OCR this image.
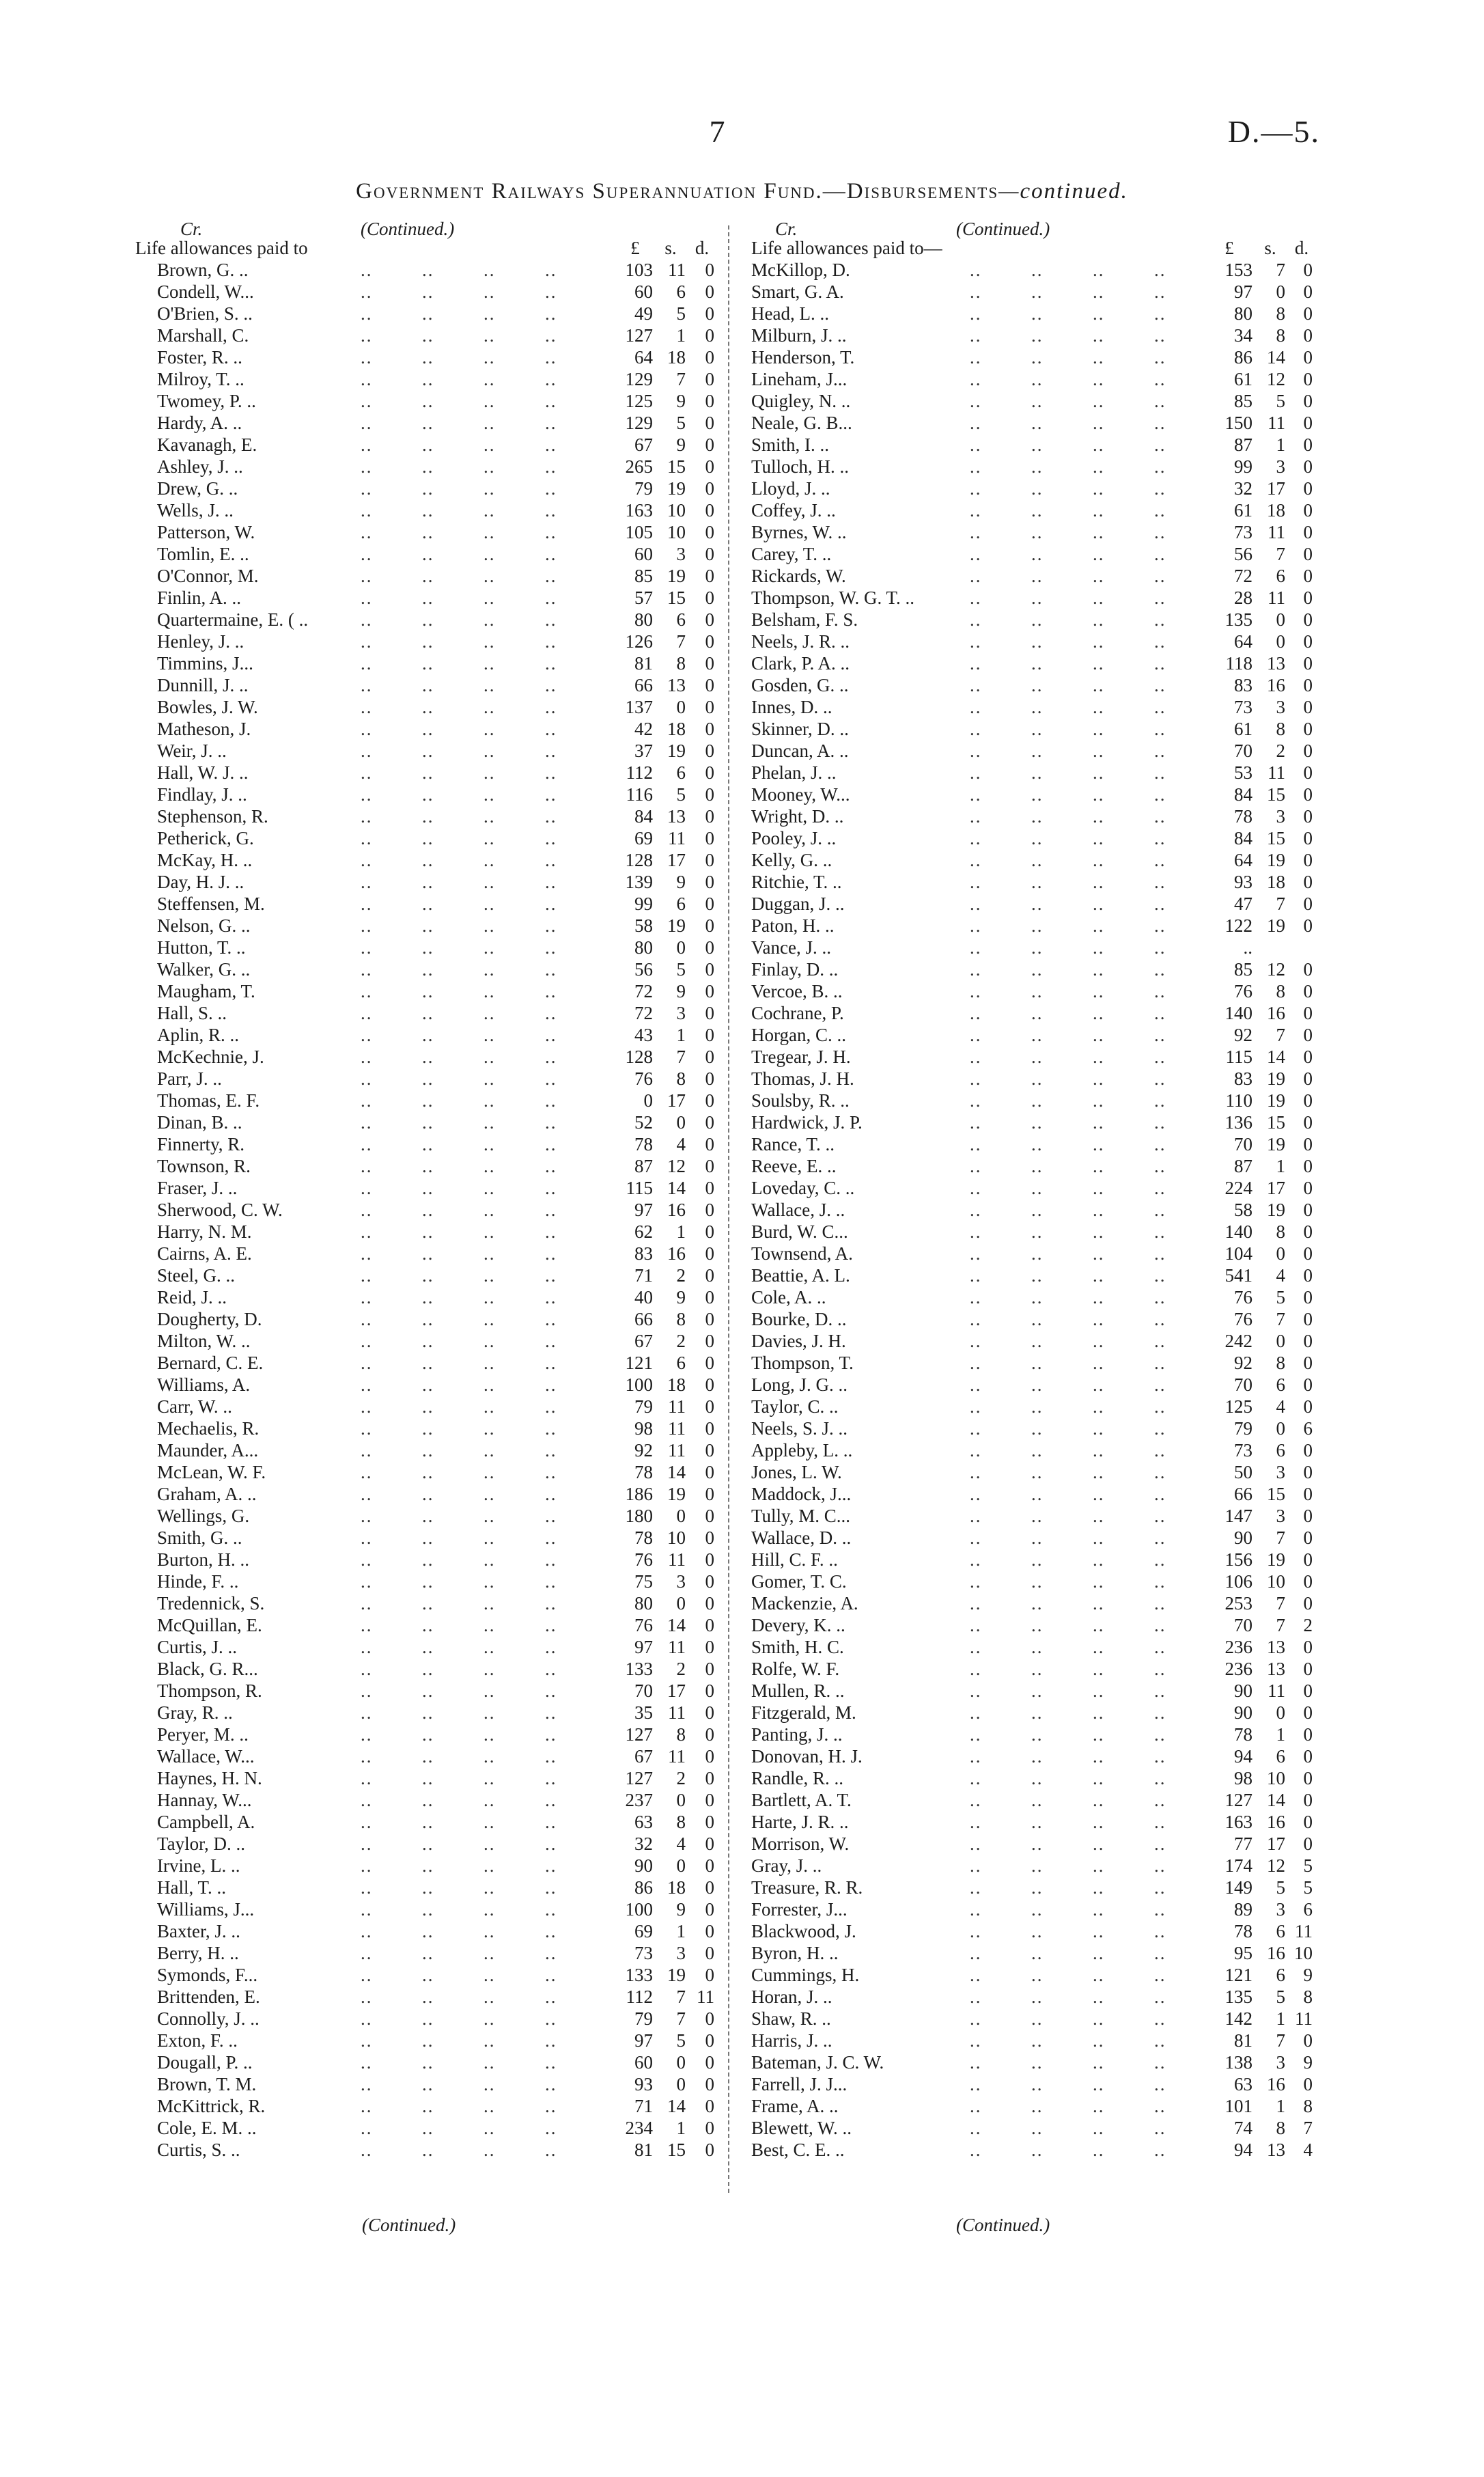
7	D.—5.
Government Railways Superannuation Fund.—Disbursements—continued.
Cr.	(Continued.)
Life allowances paid to	£	s.	d.
Brown, G. ..	..	..	..	..	103 11	0
Condell, W...	..	..	..	..	60	6	0
O'Brien, S. ..	..	..	..	..	49	5	0
Marshall, C.	..	..	..	..	127	1	0
Foster, R. ..	..	..	..	..	64 18	0
Milroy, T. ..	..	..	..	..	129	7	0
Twomey, P. ..	..	..	..	..	125	9	0
Hardy, A. ..	..	..	..	..	129	5	0
Kavanagh, E.	..	..	..	..	67	9	0
Ashley, J. ..	..	..	..	..	265 15	0
Drew, G. ..	..	..	..	..	79 19	0
Wells, J. ..	..	..	..	..	163 10	0
Patterson, W.	..	..	..	..	105 10	0
Tomlin, E. ..	..	..	..	..	60	3	0
O'Connor, M.	..	..	..	..	85 19	0
Finlin, A. ..	..	..	..	..	57 15	0
Quartermaine, E. ( ..	..	..	..	..	80	6	0
Henley, J. ..	..	..	..	..	126	7	0
Timmins, J...	..	..	..	..	81	8	0
Dunnill, J. ..	..	..	..	..	66 13	0
Bowles, J. W.	..	..	..	..	137	0	0
Matheson, J.	..	..	..	..	42 18	0
Weir, J. ..	..	..	..	..	37 19	0
Hall, W. J. ..	..	..	..	..	112	6	0
Findlay, J. ..	..	..	..	..	116	5	0
Stephenson, R.	..	..	..	..	84 13	0
Petherick, G.	..	..	..	..	69 11	0
McKay, H. ..	..	..	..	..	128 17	0
Day, H. J. ..	..	..	..	..	139	9	0
Steffensen, M.	..	..	..	..	99	6	0
Nelson, G. ..	..	..	..	..	58 19	0
Hutton, T. ..	..	..	..	..	80	0	0
Walker, G. ..	..	..	..	..	56	5	0
Maugham, T.	..	..	..	..	72	9	0
Hall, S. ..	..	..	..	..	72	3	0
Aplin, R. ..	..	..	..	..	43	1	0
McKechnie, J.	..	..	..	..	128	7	0
Parr, J. ..	..	..	..	..	76	8	0
Thomas, E. F.	..	..	..	..	0 17	0
Dinan, B. ..	..	..	..	..	52	0	0
Finnerty, R.	..	..	..	..	78	4	0
Townson, R.	..	..	..	..	87 12	0
Fraser, J. ..	..	..	..	..	115 14	0
Sherwood, C. W.	..	..	..	..	97 16	0
Harry, N. M.	..	..	..	..	62	1	0
Cairns, A. E.	..	..	..	..	83 16	0
Steel, G. ..	..	..	..	..	71	2	0
Reid, J. ..	..	..	..	..	40	9	0
Dougherty, D.	..	..	..	..	66	8	0
Milton, W. ..	..	..	..	..	67	2	0
Bernard, C. E.	..	..	..	..	121	6	0
Williams, A.	..	..	..	..	100 18	0
Carr, W. ..	..	..	..	..	79 11	0
Mechaelis, R.	..	..	..	..	98 11	0
Maunder, A...	..	..	..	..	92 11	0
McLean, W. F.	..	..	..	..	78 14	0
Graham, A. ..	..	..	..	..	186 19	0
Wellings, G.	..	..	..	..	180	0	0
Smith, G. ..	..	..	..	..	78 10	0
Burton, H. ..	..	..	..	..	76 11	0
Hinde, F. ..	..	..	..	..	75	3	0
Tredennick, S.	..	..	..	..	80	0	0
McQuillan, E.	..	..	..	..	76 14	0
Curtis, J. ..	..	..	..	..	97 11	0
Black, G. R...	..	..	..	..	133	2	0
Thompson, R.	..	..	..	..	70 17	0
Gray, R. ..	..	..	..	..	35 11	0
Peryer, M. ..	..	..	..	..	127	8	0
Wallace, W...	..	..	..	..	67 11	0
Haynes, H. N.	..	..	..	..	127	2	0
Hannay, W...	..	..	..	..	237	0	0
Campbell, A.	..	..	..	..	63	8	0
Taylor, D. ..	..	..	..	..	32	4	0
Irvine, L. ..	..	..	..	..	90	0	0
Hall, T. ..	..	..	..	..	86 18	0
Williams, J...	..	..	..	..	100	9	0
Baxter, J. ..	..	..	..	..	69	1	0
Berry, H. ..	..	..	..	..	73	3	0
Symonds, F...	..	..	..	..	133 19	0
Brittenden, E.	..	..	..	..	112	7 11
Connolly, J. ..	..	..	..	..	79	7	0
Exton, F. ..	..	..	..	..	97	5	0
Dougall, P. ..	..	..	..	..	60	0	0
Brown, T. M.	..	..	..	..	93	0	0
McKittrick, R.	..	..	..	..	71 14	0
Cole, E. M. ..	..	..	..	..	234	1	0
Curtis, S. ..	..	..	..	..	81 15	0
Cr.	(Continued.)
Life allowances paid to—	£	s.	d.
McKillop, D.	..	..	..	..	153	7 0
Smart, G. A.	..	..	..	..	97	0 0
Head, L. ..	..	..	..	..	80	8 0
Milburn, J. ..	..	..	..	..	34	8 0
Henderson, T.	..	..	..	..	86 14 0
Lineham, J...	..	..	..	..	61 12 0
Quigley, N. ..	..	..	..	..	85	5 0
Neale, G. B...	..	..	..	..	150 11 0
Smith, I. ..	..	..	..	..	87	1 0
Tulloch, H. ..	..	..	..	..	99	3 0
Lloyd, J. ..	..	..	..	..	32 17 0
Coffey, J. ..	..	..	..	..	61 18 0
Byrnes, W. ..	..	..	..	..	73 11 0
Carey, T. ..	..	..	..	..	56	7 0
Rickards, W.	..	..	..	..	72	6 0
Thompson, W. G. T. ..	..	..	..	..	28 11 0
Belsham, F. S.	..	..	..	..	135	0 0
Neels, J. R. ..	..	..	..	..	64	0 0
Clark, P. A. ..	..	..	..	..	118 13 0
Gosden, G. ..	..	..	..	..	83 16 0
Innes, D. ..	..	..	..	..	73	3 0
Skinner, D. ..	..	..	..	..	61	8 0
Duncan, A. ..	..	..	..	..	70	2 0
Phelan, J. ..	..	..	..	..	53 11 0
Mooney, W...	..	..	..	..	84 15 0
Wright, D. ..	..	..	..	..	78	3 0
Pooley, J. ..	..	..	..	..	84 15 0
Kelly, G. ..	..	..	..	..	64 19 0
Ritchie, T. ..	..	..	..	..	93 18 0
Duggan, J. ..	..	..	..	..	47	7 0
Paton, H. ..	..	..	..	..	122 19 0
Vance, J. ..	..	..	..	..	..
Finlay, D. ..	..	..	..	..	85 12 0
Vercoe, B. ..	..	..	..	..	76	8 0
Cochrane, P.	..	..	..	..	140 16 0
Horgan, C. ..	..	..	..	..	92	7 0
Tregear, J. H.	..	..	..	..	115 14 0
Thomas, J. H.	..	..	..	..	83 19 0
Soulsby, R. ..	..	..	..	..	110 19 0
Hardwick, J. P.	..	..	..	..	136 15 0
Rance, T. ..	..	..	..	..	70 19 0
Reeve, E. ..	..	..	..	..	87	1 0
Loveday, C. ..	..	..	..	..	224 17 0
Wallace, J. ..	..	..	..	..	58 19 0
Burd, W. C...	..	..	..	..	140	8 0
Townsend, A.	..	..	..	..	104	0 0
Beattie, A. L.	..	..	..	..	541	4 0
Cole, A. ..	..	..	..	..	76	5 0
Bourke, D. ..	..	..	..	..	76	7 0
Davies, J. H.	..	..	..	..	242	0 0
Thompson, T.	..	..	..	..	92	8 0
Long, J. G. ..	..	..	..	..	70	6 0
Taylor, C. ..	..	..	..	..	125	4 0
Neels, S. J. ..	..	..	..	..	79	0 6
Appleby, L. ..	..	..	..	..	73	6 0
Jones, L. W.	..	..	..	..	50	3 0
Maddock, J...	..	..	..	..	66 15 0
Tully, M. C...	..	..	..	..	147	3 0
Wallace, D. ..	..	..	..	..	90	7 0
Hill, C. F. ..	..	..	..	..	156 19 0
Gomer, T. C.	..	..	..	..	106 10 0
Mackenzie, A.	..	..	..	..	253	7 0
Devery, K. ..	..	..	..	..	70	7 2
Smith, H. C.	..	..	..	..	236 13 0
Rolfe, W. F.	..	..	..	..	236 13 0
Mullen, R. ..	..	..	..	..	90 11 0
Fitzgerald, M.	..	..	..	..	90	0 0
Panting, J. ..	..	..	..	..	78	1 0
Donovan, H. J.	..	..	..	..	94	6 0
Randle, R. ..	..	..	..	..	98 10 0
Bartlett, A. T.	..	..	..	..	127 14 0
Harte, J. R. ..	..	..	..	..	163 16 0
Morrison, W.	..	..	..	..	77 17 0
Gray, J. ..	..	..	..	..	174 12 5
Treasure, R. R.	..	..	..	..	149	5 5
Forrester, J...	..	..	..	..	89	3 6
Blackwood, J.	..	..	..	..	78	6 11
Byron, H. ..	..	..	..	..	95 16 10
Cummings, H.	..	..	..	..	121	6 9
Horan, J. ..	..	..	..	..	135	5 8
Shaw, R. ..	..	..	..	..	142	1 11
Harris, J. ..	..	..	..	..	81	7 0
Bateman, J. C. W.	..	..	..	..	138	3 9
Farrell, J. J...	..	..	..	..	63 16 0
Frame, A. ..	..	..	..	..	101	1 8
Blewett, W. ..	..	..	..	..	74	8 7
Best, C. E. ..	..	..	..	..	94 13 4
(Continued.)	(Continued.)
